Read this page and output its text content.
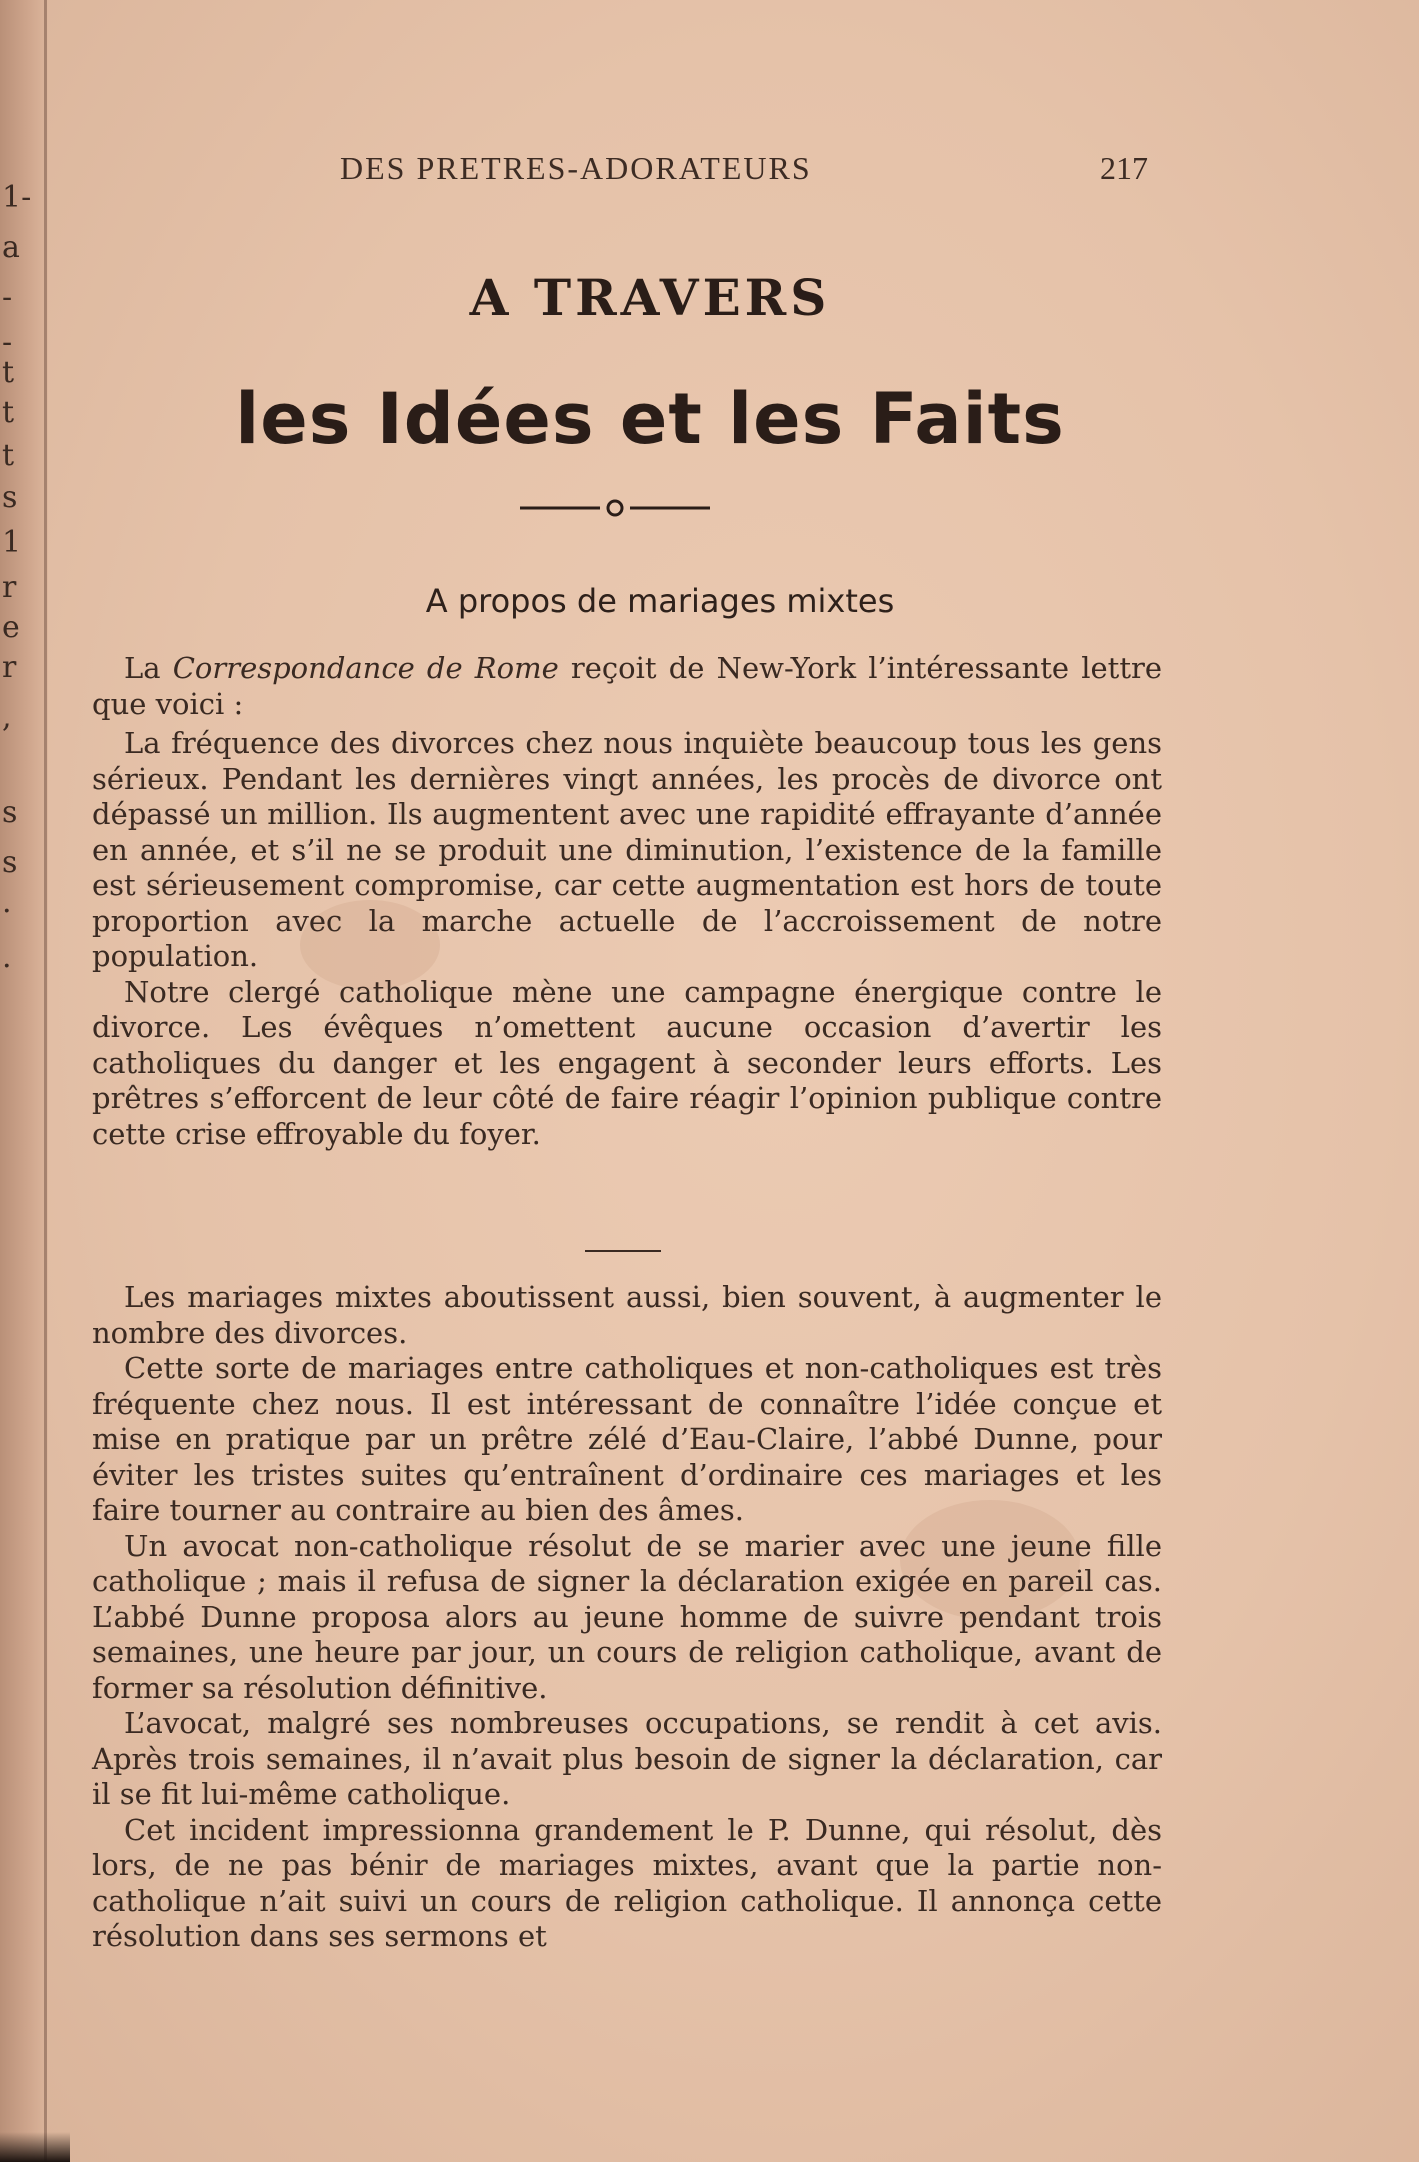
1-
a
-
-
t
t
t
s
1
r
e
r
,
s
s
.
.
DES PRETRES-ADORATEURS	217
A TRAVERS
les Idées et les Faits
A propos de mariages mixtes

La Correspondance de Rome reçoit de New-York l’intéressante lettre que voici :

La fréquence des divorces chez nous inquiète beaucoup tous les gens sérieux. Pendant les dernières vingt années, les procès de divorce ont dépassé un million. Ils augmentent avec une rapidité effrayante d’année en année, et s’il ne se produit une diminution, l’existence de la famille est sérieusement compromise, car cette augmentation est hors de toute proportion avec la marche actuelle de l’accroissement de notre population.

Notre clergé catholique mène une campagne énergique contre le divorce. Les évêques n’omettent aucune occasion d’avertir les catholiques du danger et les engagent à seconder leurs efforts. Les prêtres s’efforcent de leur côté de faire réagir l’opinion publique contre cette crise effroyable du foyer.

Les mariages mixtes aboutissent aussi, bien souvent, à augmenter le nombre des divorces.

Cette sorte de mariages entre catholiques et non-catholiques est très fréquente chez nous. Il est intéressant de connaître l’idée conçue et mise en pratique par un prêtre zélé d’Eau-Claire, l’abbé Dunne, pour éviter les tristes suites qu’entraînent d’ordinaire ces mariages et les faire tourner au contraire au bien des âmes.

Un avocat non-catholique résolut de se marier avec une jeune fille catholique ; mais il refusa de signer la déclaration exigée en pareil cas. L’abbé Dunne proposa alors au jeune homme de suivre pendant trois semaines, une heure par jour, un cours de religion catholique, avant de former sa résolution définitive.

L’avocat, malgré ses nombreuses occupations, se rendit à cet avis. Après trois semaines, il n’avait plus besoin de signer la déclaration, car il se fit lui-même catholique.

Cet incident impressionna grandement le P. Dunne, qui résolut, dès lors, de ne pas bénir de mariages mixtes, avant que la partie non-catholique n’ait suivi un cours de religion catholique. Il annonça cette résolution dans ses sermons et
